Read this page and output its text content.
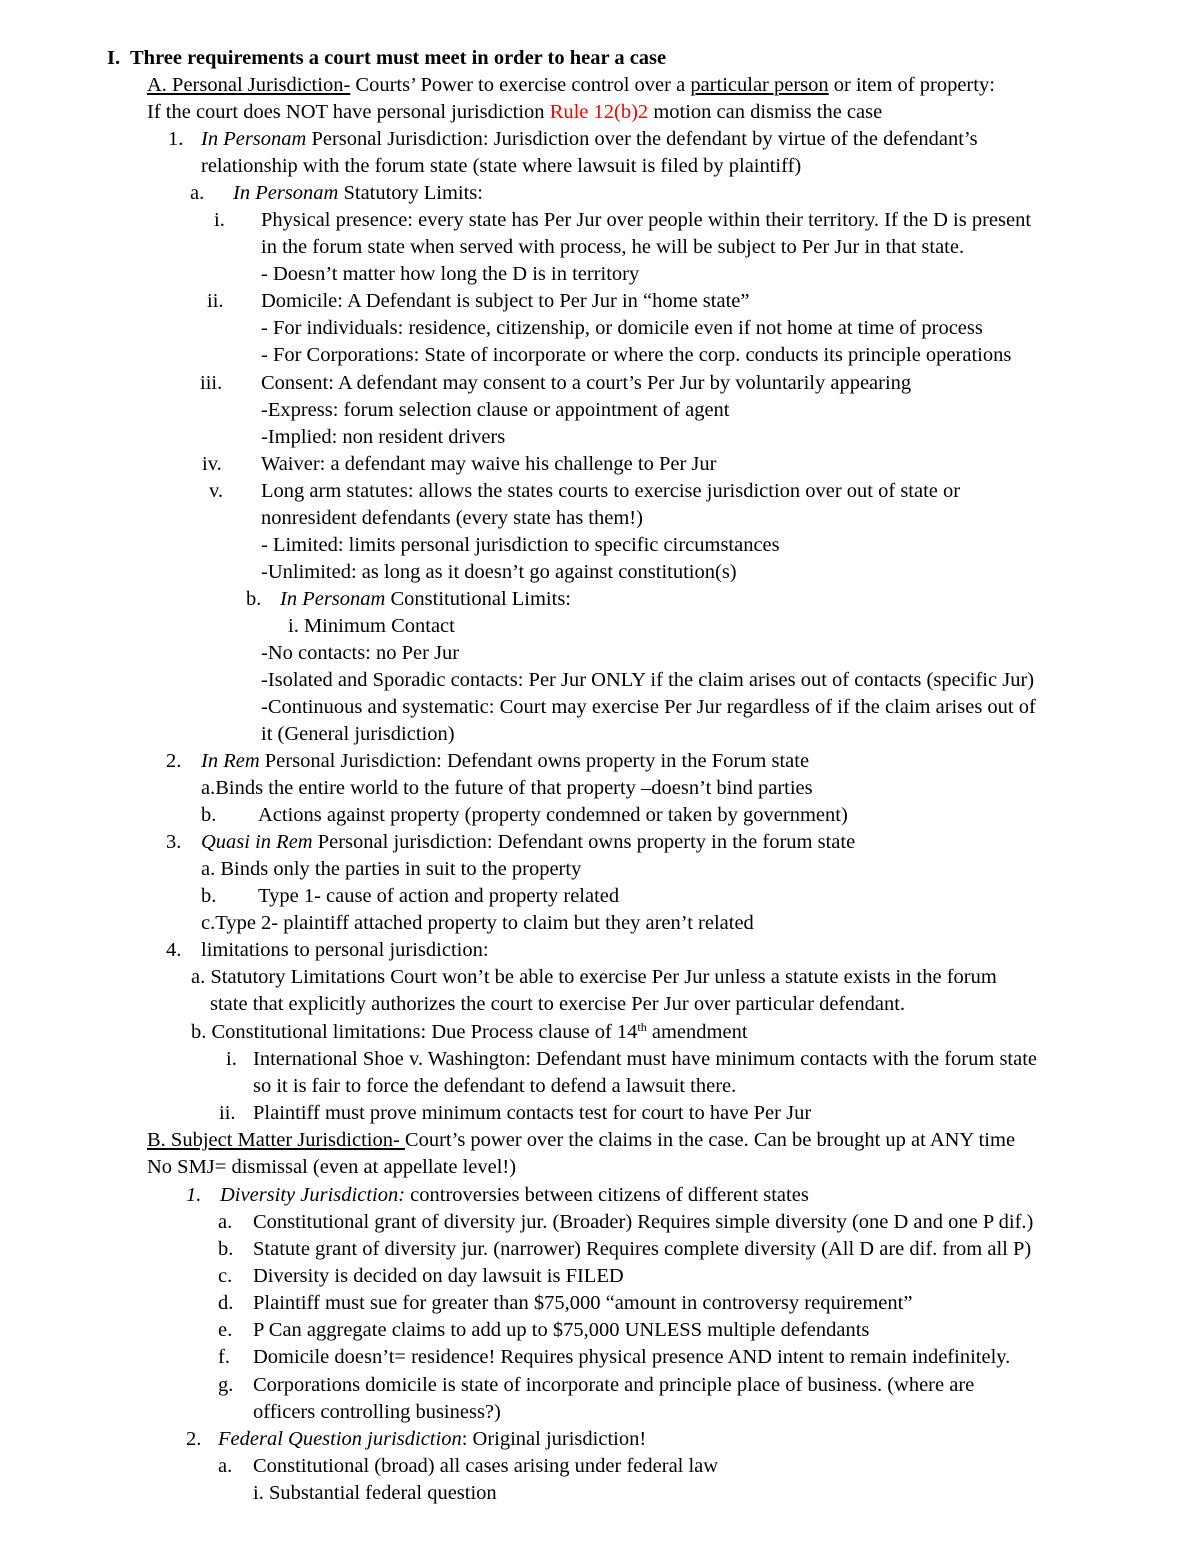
I. Three requirements a court must meet in order to hear a case
A. Personal Jurisdiction- Courts’ Power to exercise control over a particular person or item of property:
If the court does NOT have personal jurisdiction Rule 12(b)2 motion can dismiss the case
1. In Personam Personal Jurisdiction: Jurisdiction over the defendant by virtue of the defendant’s
relationship with the forum state (state where lawsuit is filed by plaintiff)
a. In Personam Statutory Limits:
i. Physical presence: every state has Per Jur over people within their territory. If the D is present
in the forum state when served with process, he will be subject to Per Jur in that state.
- Doesn’t matter how long the D is in territory
ii. Domicile: A Defendant is subject to Per Jur in “home state”
- For individuals: residence, citizenship, or domicile even if not home at time of process
- For Corporations: State of incorporate or where the corp. conducts its principle operations
iii. Consent: A defendant may consent to a court’s Per Jur by voluntarily appearing
-Express: forum selection clause or appointment of agent
-Implied: non resident drivers
iv. Waiver: a defendant may waive his challenge to Per Jur
v. Long arm statutes: allows the states courts to exercise jurisdiction over out of state or
nonresident defendants (every state has them!)
- Limited: limits personal jurisdiction to specific circumstances
-Unlimited: as long as it doesn’t go against constitution(s)
b. In Personam Constitutional Limits:
i. Minimum Contact
-No contacts: no Per Jur
-Isolated and Sporadic contacts: Per Jur ONLY if the claim arises out of contacts (specific Jur)
-Continuous and systematic: Court may exercise Per Jur regardless of if the claim arises out of
it (General jurisdiction)
2. In Rem Personal Jurisdiction: Defendant owns property in the Forum state
a.Binds the entire world to the future of that property –doesn’t bind parties
b. Actions against property (property condemned or taken by government)
3. Quasi in Rem Personal jurisdiction: Defendant owns property in the forum state
a. Binds only the parties in suit to the property
b. Type 1- cause of action and property related
c.Type 2- plaintiff attached property to claim but they aren’t related
4. limitations to personal jurisdiction:
a. Statutory Limitations Court won’t be able to exercise Per Jur unless a statute exists in the forum
state that explicitly authorizes the court to exercise Per Jur over particular defendant.
b. Constitutional limitations: Due Process clause of 14th amendment
i. International Shoe v. Washington: Defendant must have minimum contacts with the forum state
so it is fair to force the defendant to defend a lawsuit there.
ii. Plaintiff must prove minimum contacts test for court to have Per Jur
B. Subject Matter Jurisdiction- Court’s power over the claims in the case. Can be brought up at ANY time
No SMJ= dismissal (even at appellate level!)
1. Diversity Jurisdiction: controversies between citizens of different states
a. Constitutional grant of diversity jur. (Broader) Requires simple diversity (one D and one P dif.)
b. Statute grant of diversity jur. (narrower) Requires complete diversity (All D are dif. from all P)
c. Diversity is decided on day lawsuit is FILED
d. Plaintiff must sue for greater than $75,000 “amount in controversy requirement”
e. P Can aggregate claims to add up to $75,000 UNLESS multiple defendants
f. Domicile doesn’t= residence! Requires physical presence AND intent to remain indefinitely.
g. Corporations domicile is state of incorporate and principle place of business. (where are
officers controlling business?)
2. Federal Question jurisdiction: Original jurisdiction!
a. Constitutional (broad) all cases arising under federal law
i. Substantial federal question
